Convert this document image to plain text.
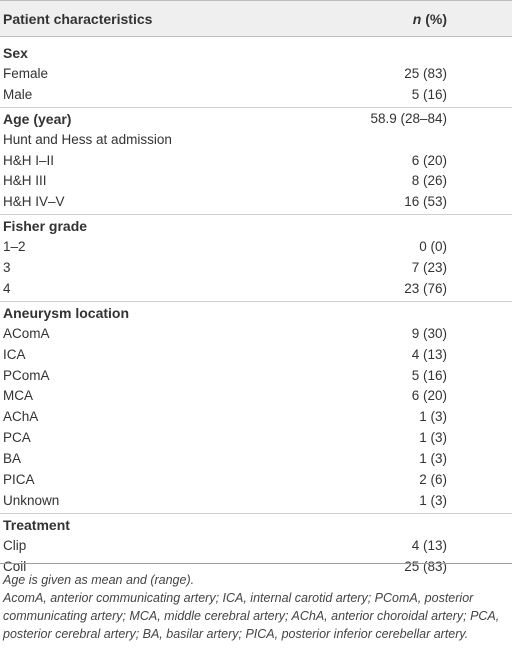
Patient characteristics	n (%)
Sex
Female	25 (83)
Male	5 (16)
Age (year)	58.9 (28–84)
Hunt and Hess at admission
H&H I–II	6 (20)
H&H III	8 (26)
H&H IV–V	16 (53)
Fisher grade
1–2	0 (0)
3	7 (23)
4	23 (76)
Aneurysm location
AComA	9 (30)
ICA	4 (13)
PComA	5 (16)
MCA	6 (20)
AChA	1 (3)
PCA	1 (3)
BA	1 (3)
PICA	2 (6)
Unknown	1 (3)
Treatment
Clip	4 (13)
Coil	25 (83)
Age is given as mean and (range).
AcomA, anterior communicating artery; ICA, internal carotid artery; PComA, posterior communicating artery; MCA, middle cerebral artery; AChA, anterior choroidal artery; PCA, posterior cerebral artery; BA, basilar artery; PICA, posterior inferior cerebellar artery.
